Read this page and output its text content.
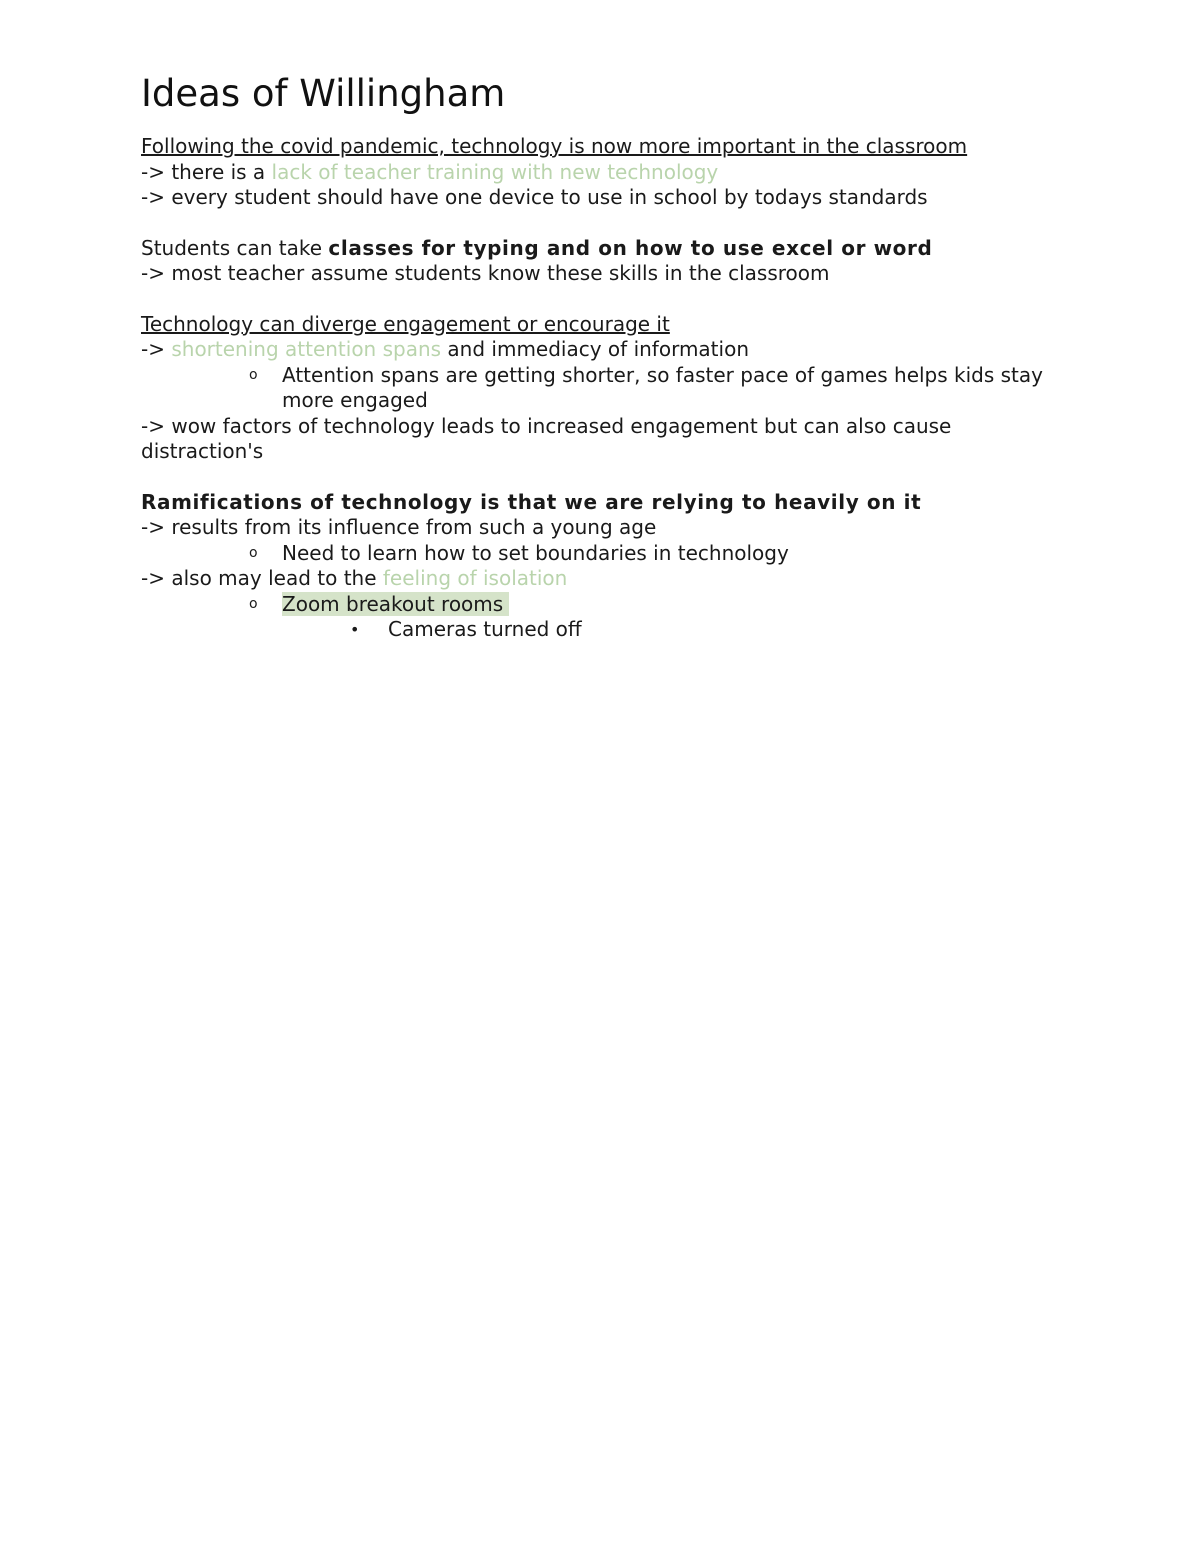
Ideas of Willingham
Following the covid pandemic, technology is now more important in the classroom
-> there is a lack of teacher training with new technology
-> every student should have one device to use in school by todays standards
Students can take classes for typing and on how to use excel or word
-> most teacher assume students know these skills in the classroom
Technology can diverge engagement or encourage it
-> shortening attention spans and immediacy of information
o Attention spans are getting shorter, so faster pace of games helps kids stay more engaged
-> wow factors of technology leads to increased engagement but can also cause distraction's
Ramifications of technology is that we are relying to heavily on it
-> results from its influence from such a young age
o Need to learn how to set boundaries in technology
-> also may lead to the feeling of isolation
o Zoom breakout rooms
• Cameras turned off
